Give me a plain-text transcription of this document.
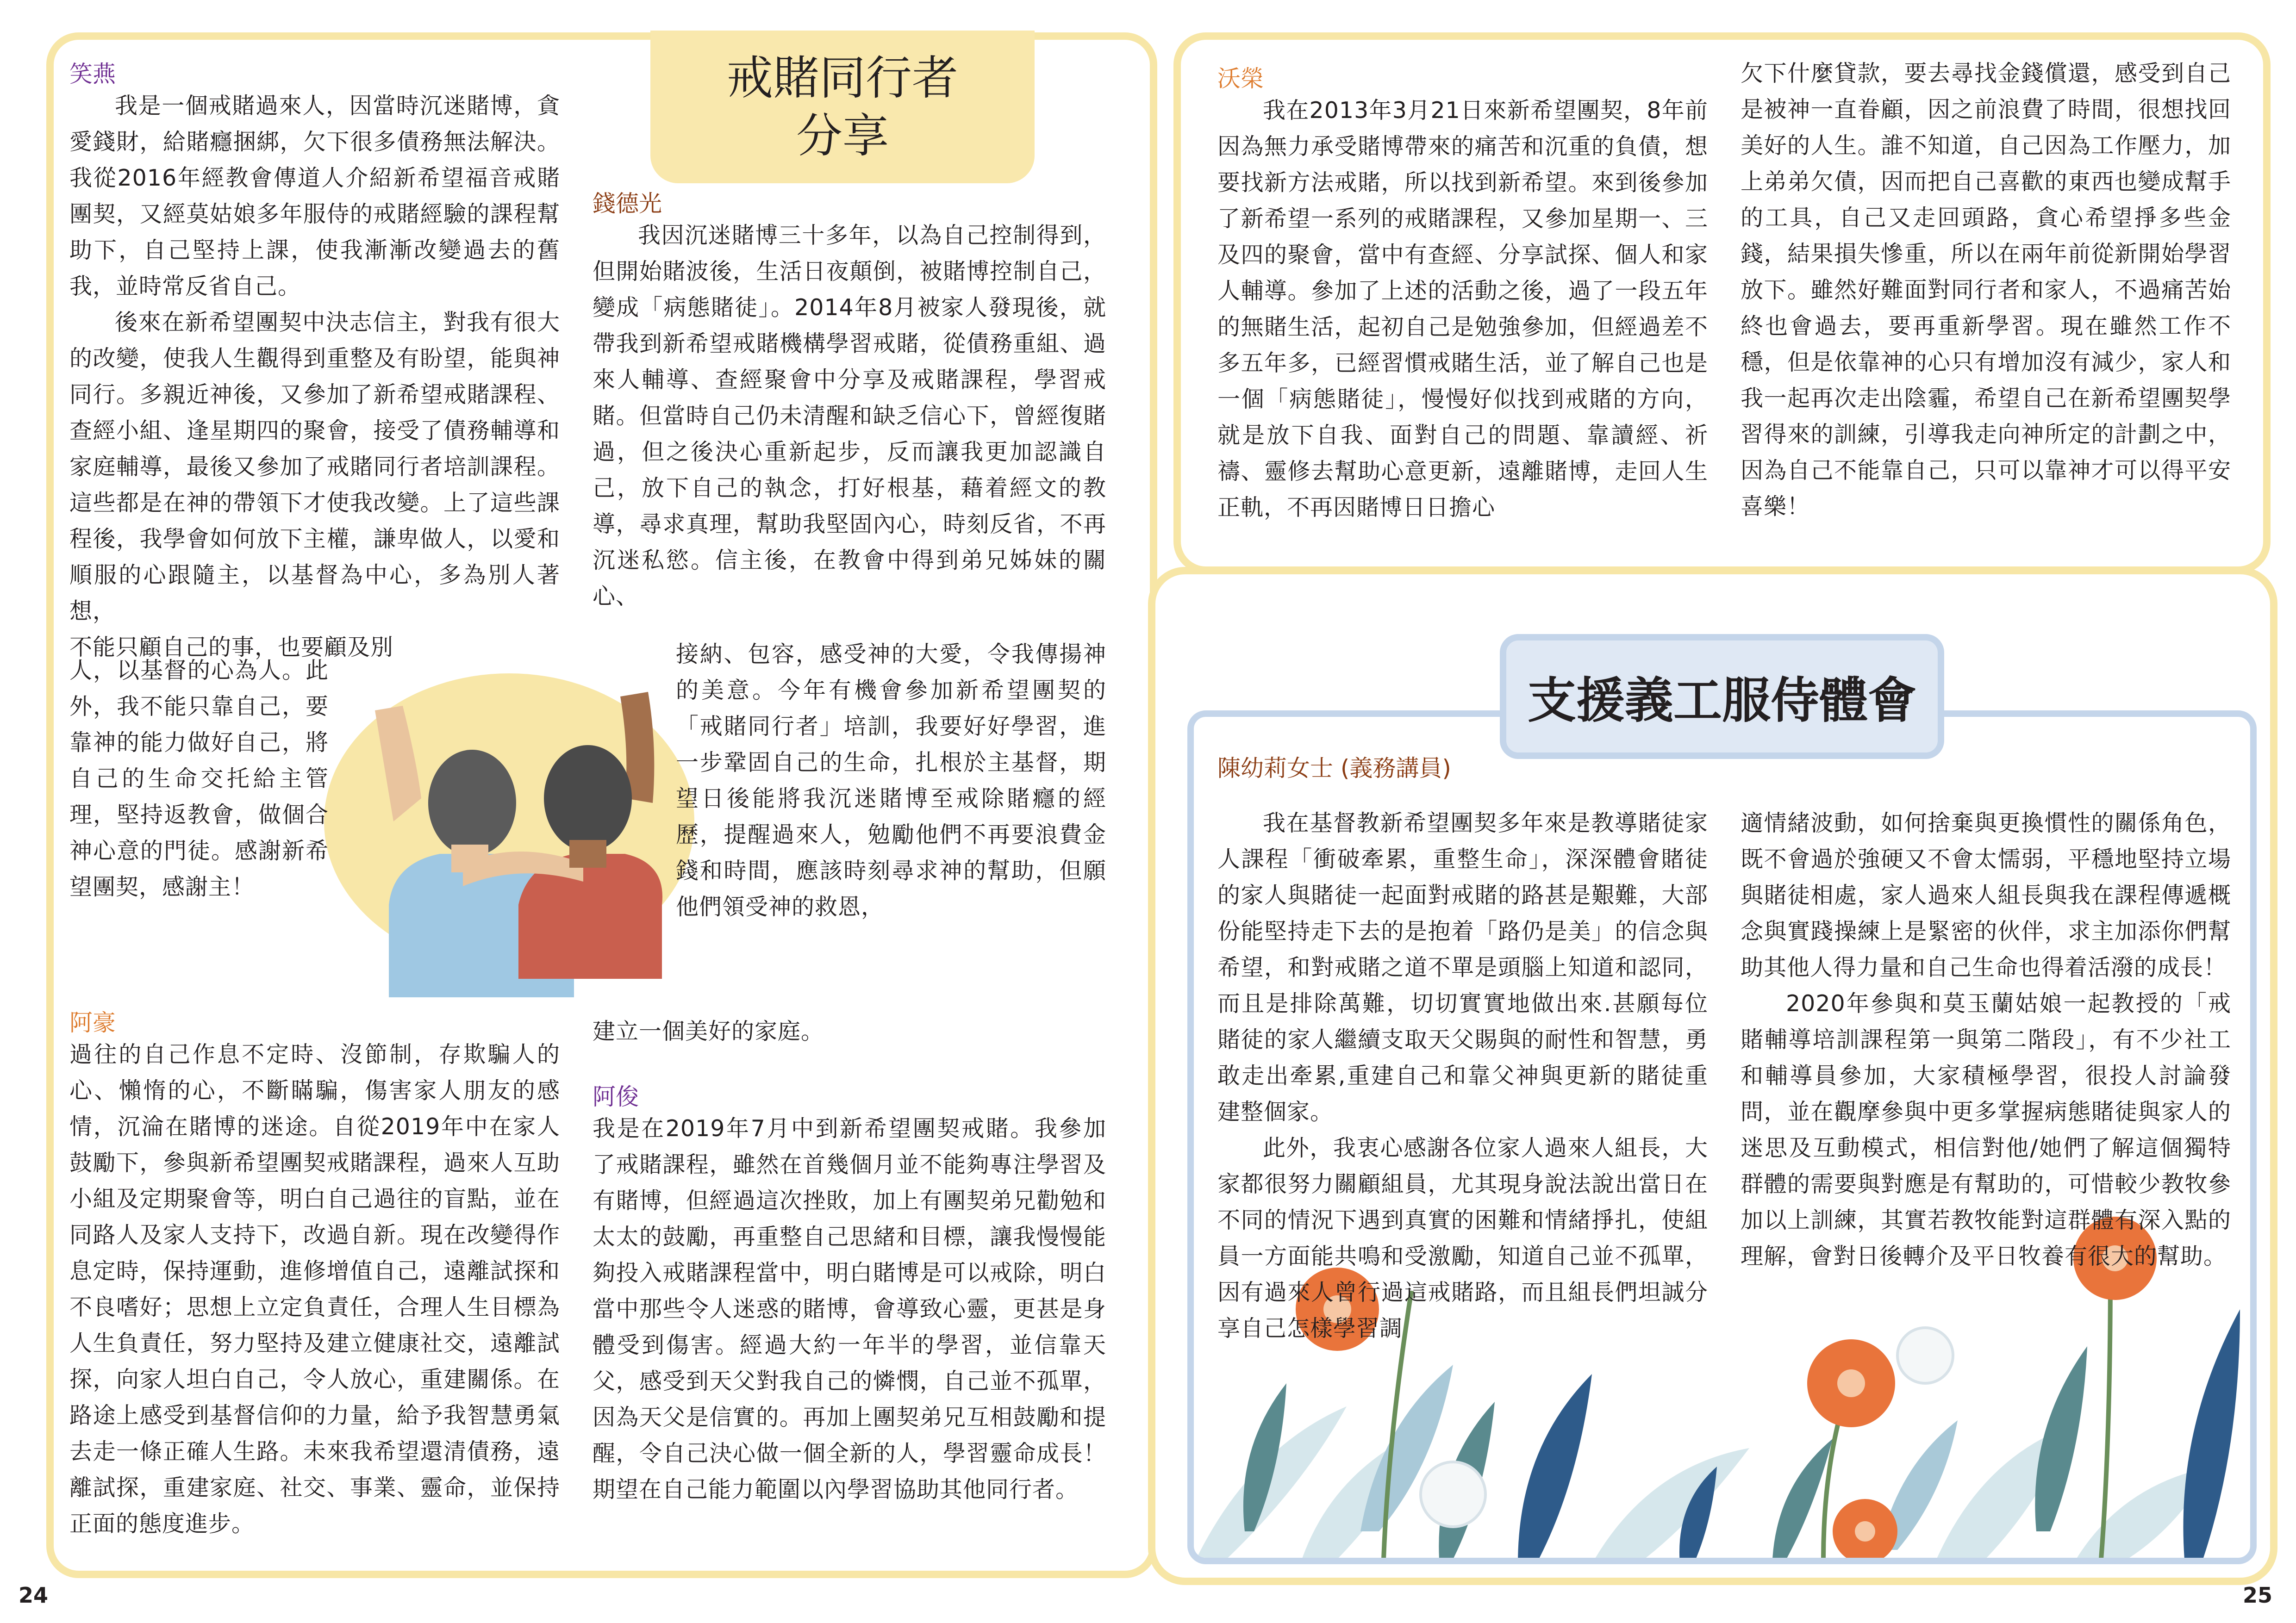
支援義工服侍體會
戒賭同行者
分享
笑燕

我是一個戒賭過來人，因當時沉迷賭博，貪愛錢財，給賭癮捆綁，欠下很多債務無法解決。我從2016年經教會傳道人介紹新希望福音戒賭團契，又經莫姑娘多年服侍的戒賭經驗的課程幫助下，自己堅持上課，使我漸漸改變過去的舊我，並時常反省自己。

後來在新希望團契中決志信主，對我有很大的改變，使我人生觀得到重整及有盼望，能與神同行。多親近神後，又參加了新希望戒賭課程、查經小組、逢星期四的聚會，接受了債務輔導和家庭輔導，最後又參加了戒賭同行者培訓課程。這些都是在神的帶領下才使我改變。上了這些課程後，我學會如何放下主權，謙卑做人，以愛和順服的心跟隨主，以基督為中心，多為別人著想，

不能只顧自己的事，也要顧及別

人，以基督的心為人。此外，我不能只靠自己，要靠神的能力做好自己，將自己的生命交托給主管理，堅持返教會，做個合神心意的門徒。感謝新希望團契，感謝主！

錢德光

我因沉迷賭博三十多年，以為自己控制得到，但開始賭波後，生活日夜顛倒，被賭博控制自己，變成「病態賭徒」。2014年8月被家人發現後，就帶我到新希望戒賭機構學習戒賭，從債務重組、過來人輔導、查經聚會中分享及戒賭課程，學習戒賭。但當時自己仍未清醒和缺乏信心下，曾經復賭過，但之後決心重新起步，反而讓我更加認識自己，放下自己的執念，打好根基，藉着經文的教導，尋求真理，幫助我堅固內心，時刻反省，不再沉迷私慾。信主後，在教會中得到弟兄姊妹的關心、

接納、包容，感受神的大愛，令我傳揚神的美意。今年有機會參加新希望團契的「戒賭同行者」培訓，我要好好學習，進一步鞏固自己的生命，扎根於主基督，期望日後能將我沉迷賭博至戒除賭癮的經歷，提醒過來人，勉勵他們不再要浪費金錢和時間，應該時刻尋求神的幫助，但願他們領受神的救恩，

建立一個美好的家庭。

阿豪

過往的自己作息不定時、沒節制，存欺騙人的心、懶惰的心，不斷瞞騙，傷害家人朋友的感情，沉淪在賭博的迷途。自從2019年中在家人鼓勵下，參與新希望團契戒賭課程，過來人互助小組及定期聚會等，明白自己過往的盲點，並在同路人及家人支持下，改過自新。現在改變得作息定時，保持運動，進修增值自己，遠離試探和不良嗜好；思想上立定負責任，合理人生目標為人生負責任，努力堅持及建立健康社交，遠離試探，向家人坦白自己，令人放心，重建關係。在路途上感受到基督信仰的力量，給予我智慧勇氣去走一條正確人生路。未來我希望還清債務，遠離試探，重建家庭、社交、事業、靈命，並保持正面的態度進步。

阿俊

我是在2019年7月中到新希望團契戒賭。我參加了戒賭課程，雖然在首幾個月並不能夠專注學習及有賭博，但經過這次挫敗，加上有團契弟兄勸勉和太太的鼓勵，再重整自己思緒和目標，讓我慢慢能夠投入戒賭課程當中，明白賭博是可以戒除，明白當中那些令人迷惑的賭博，會導致心靈，更甚是身體受到傷害。經過大約一年半的學習，並信靠天父，感受到天父對我自己的憐憫，自己並不孤單，因為天父是信實的。再加上團契弟兄互相鼓勵和提醒，令自己決心做一個全新的人，學習靈命成長！期望在自己能力範圍以內學習協助其他同行者。

沃榮

我在2013年3月21日來新希望團契，8年前因為無力承受賭博帶來的痛苦和沉重的負債，想要找新方法戒賭，所以找到新希望。來到後參加了新希望一系列的戒賭課程，又參加星期一、三及四的聚會，當中有查經、分享試探、個人和家人輔導。參加了上述的活動之後，過了一段五年的無賭生活，起初自己是勉強參加，但經過差不多五年多，已經習慣戒賭生活，並了解自己也是一個「病態賭徒」，慢慢好似找到戒賭的方向，就是放下自我、面對自己的問題、靠讀經、祈禱、靈修去幫助心意更新，遠離賭博，走回人生正軌，不再因賭博日日擔心

欠下什麼貸款，要去尋找金錢償還，感受到自己是被神一直眷顧，因之前浪費了時間，很想找回美好的人生。誰不知道，自己因為工作壓力，加上弟弟欠債，因而把自己喜歡的東西也變成幫手的工具，自己又走回頭路，貪心希望掙多些金錢，結果損失慘重，所以在兩年前從新開始學習放下。雖然好難面對同行者和家人，不過痛苦始終也會過去，要再重新學習。現在雖然工作不穩，但是依靠神的心只有增加沒有減少，家人和我一起再次走出陰霾，希望自己在新希望團契學習得來的訓練，引導我走向神所定的計劃之中，因為自己不能靠自己，只可以靠神才可以得平安喜樂！

陳幼莉女士 (義務講員)

我在基督教新希望團契多年來是教導賭徒家人課程「衝破牽累，重整生命」，深深體會賭徒的家人與賭徒一起面對戒賭的路甚是艱難，大部份能堅持走下去的是抱着「路仍是美」的信念與希望，和對戒賭之道不單是頭腦上知道和認同，而且是排除萬難，切切實實地做出來.甚願每位賭徒的家人繼續支取天父賜與的耐性和智慧，勇敢走出牽累,重建自己和靠父神與更新的賭徒重建整個家。

此外，我衷心感謝各位家人過來人組長，大家都很努力關顧組員，尤其現身說法說出當日在不同的情況下遇到真實的困難和情緒掙扎，使組員一方面能共鳴和受激勵，知道自己並不孤單，因有過來人曾行過這戒賭路，而且組長們坦誠分享自己怎樣學習調

適情緒波動，如何捨棄與更換慣性的關係角色，既不會過於強硬又不會太懦弱，平穩地堅持立場與賭徒相處，家人過來人組長與我在課程傳遞概念與實踐操練上是緊密的伙伴，求主加添你們幫助其他人得力量和自己生命也得着活潑的成長！

2020年參與和莫玉蘭姑娘一起教授的「戒賭輔導培訓課程第一與第二階段」，有不少社工和輔導員參加，大家積極學習，很投人討論發問，並在觀摩參與中更多掌握病態賭徒與家人的迷思及互動模式，相信對他/她們了解這個獨特群體的需要與對應是有幫助的，可惜較少教牧參加以上訓練，其實若教牧能對這群體有深入點的理解，會對日後轉介及平日牧養有很大的幫助。

24	25
